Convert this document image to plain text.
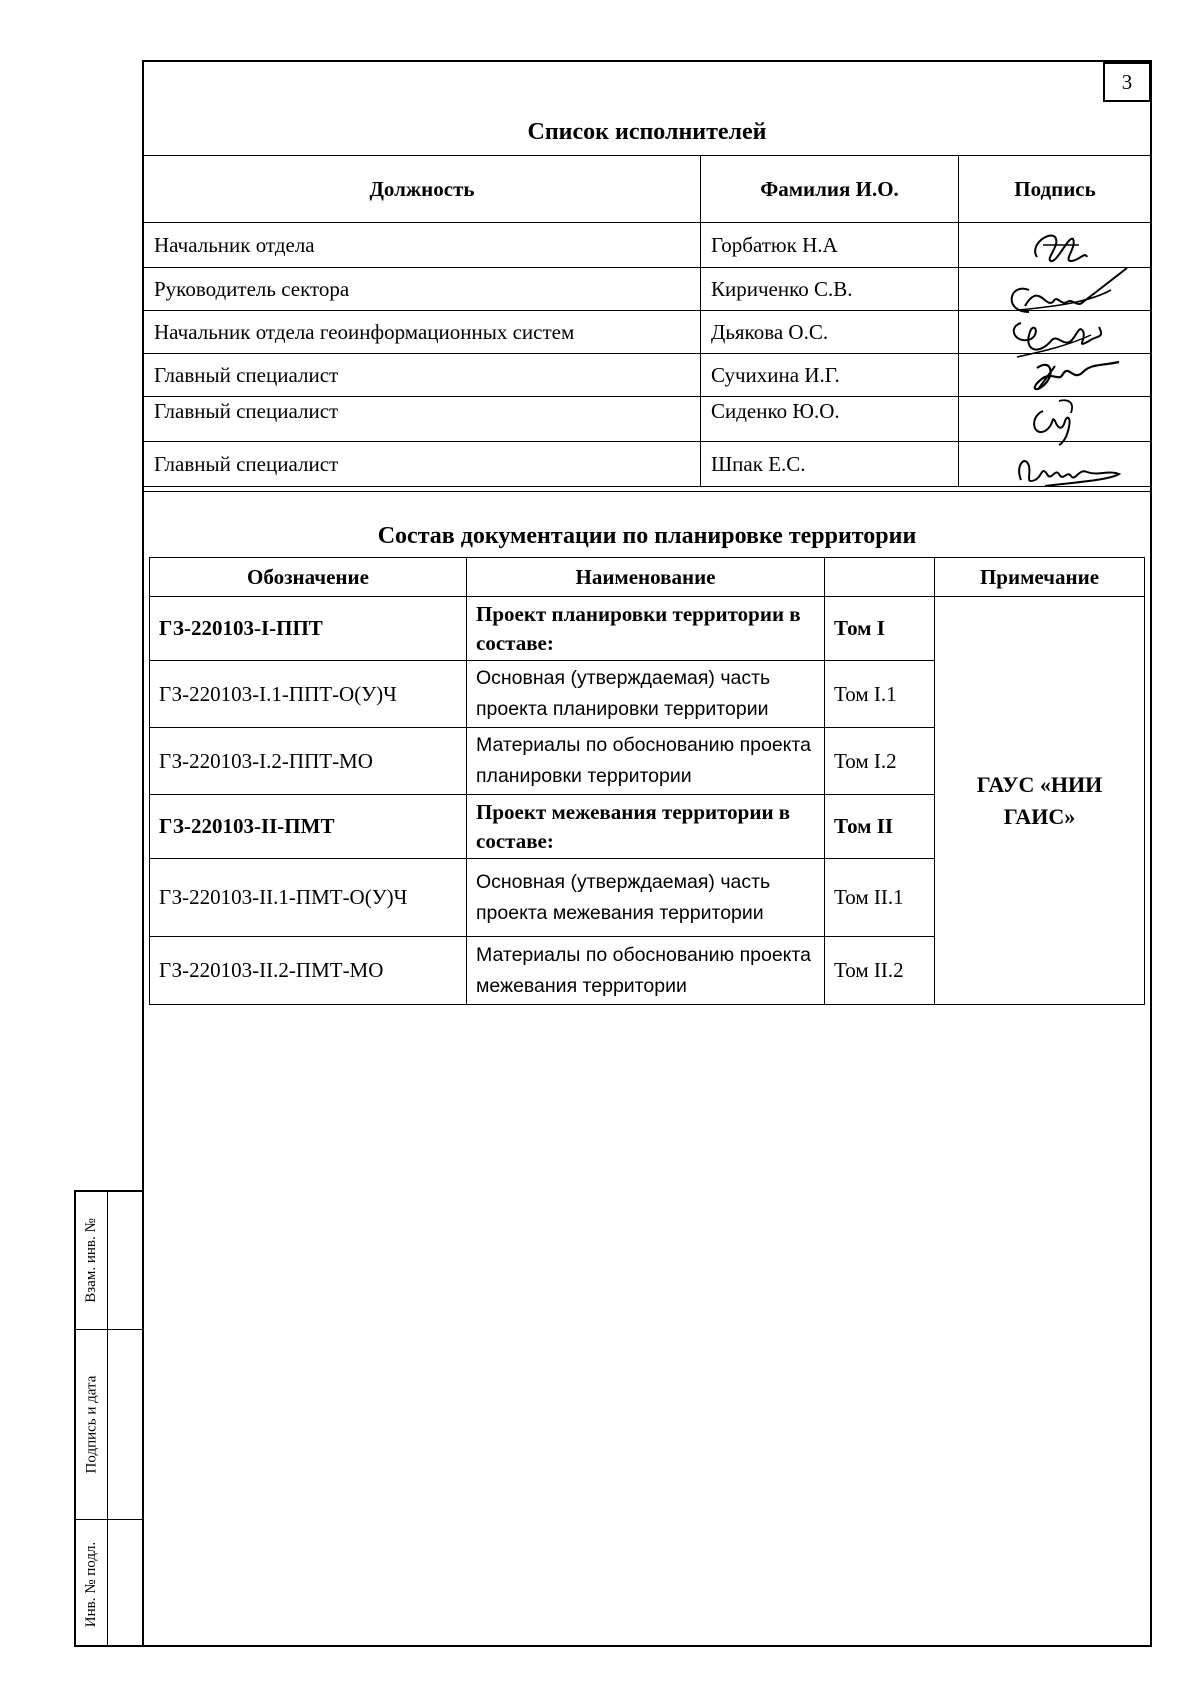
3
Список исполнителей
Должность	Фамилия И.О.	Подпись
Начальник отдела	Горбатюк Н.А	

Руководитель сектора	Кириченко С.В.	

Начальник отдела геоинформационных систем	Дьякова О.С.	

Главный специалист	Сучихина И.Г.	

Главный специалист	Сиденко Ю.О.	

Главный специалист	Шпак Е.С.	
Состав документации по планировке территории
Обозначение	Наименование		Примечание
ГЗ-220103-I-ППТ	Проект планировки территории в составе:	Том I	ГАУС «НИИ ГАИС»
ГЗ-220103-I.1-ППТ-О(У)Ч	Основная (утверждаемая) часть проекта планировки территории	Том I.1	
ГЗ-220103-I.2-ППТ-МО	Материалы по обоснованию проекта планировки территории	Том I.2	
ГЗ-220103-II-ПМТ	Проект межевания территории в составе:	Том II	
ГЗ-220103-II.1-ПМТ-О(У)Ч	Основная (утверждаемая) часть проекта межевания территории	Том II.1	
ГЗ-220103-II.2-ПМТ-МО	Материалы по обоснованию проекта межевания территории	Том II.2	
Взам. инв. №
Подпись и дата
Инв. № подл.
